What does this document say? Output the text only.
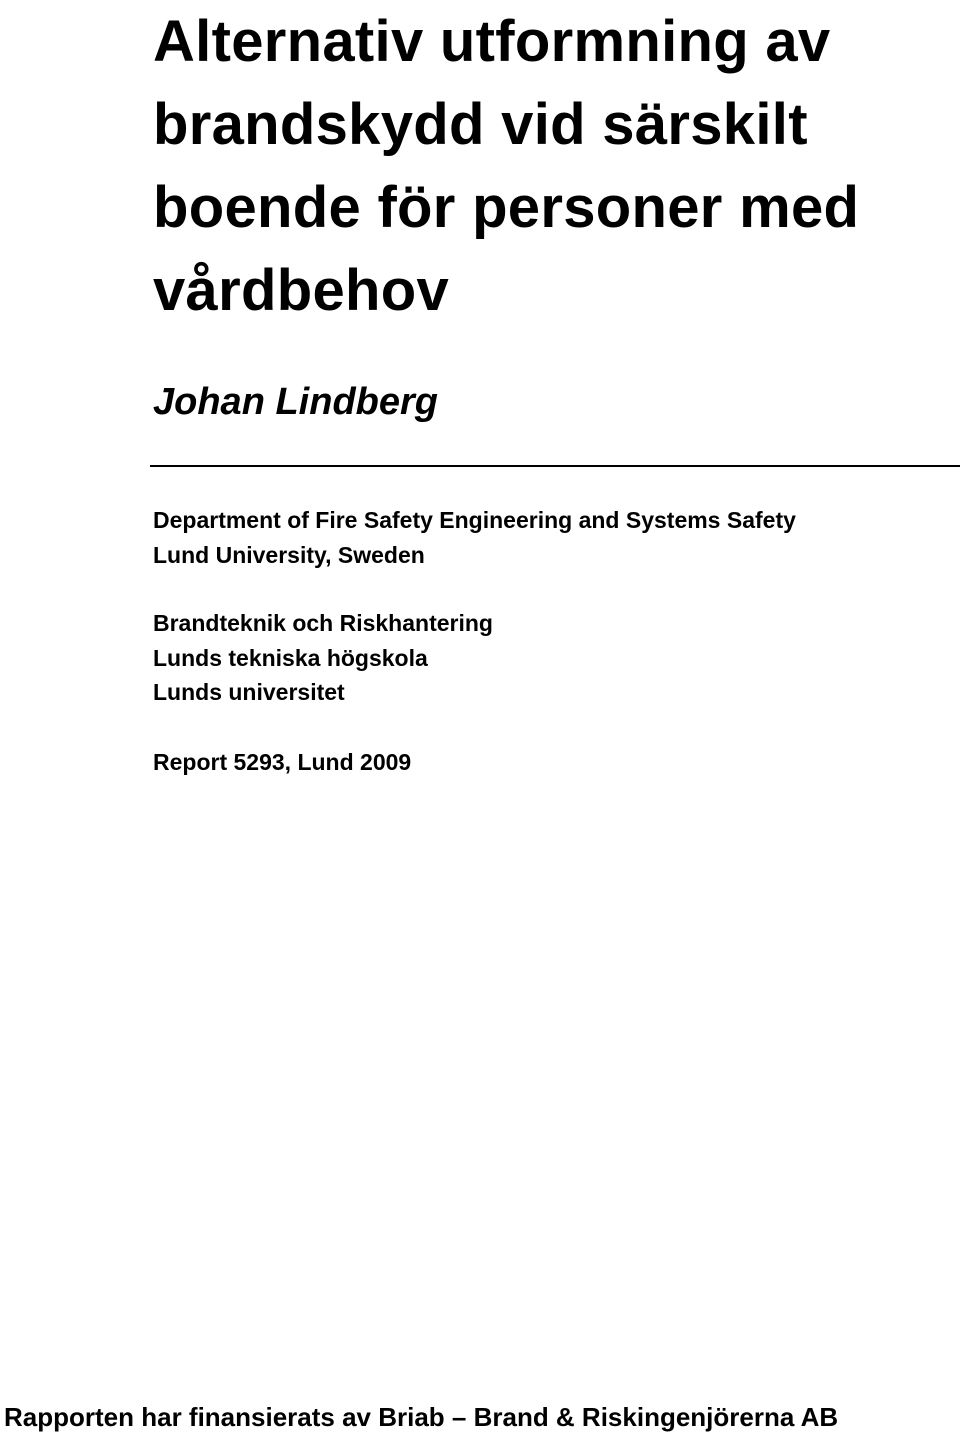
Alternativ utformning av
brandskydd vid särskilt
boende för personer med
vårdbehov

Johan Lindberg

Department of Fire Safety Engineering and Systems Safety
Lund University, Sweden

Brandteknik och Riskhantering
Lunds tekniska högskola
Lunds universitet

Report 5293, Lund 2009

Rapporten har finansierats av Briab – Brand & Riskingenjörerna AB
